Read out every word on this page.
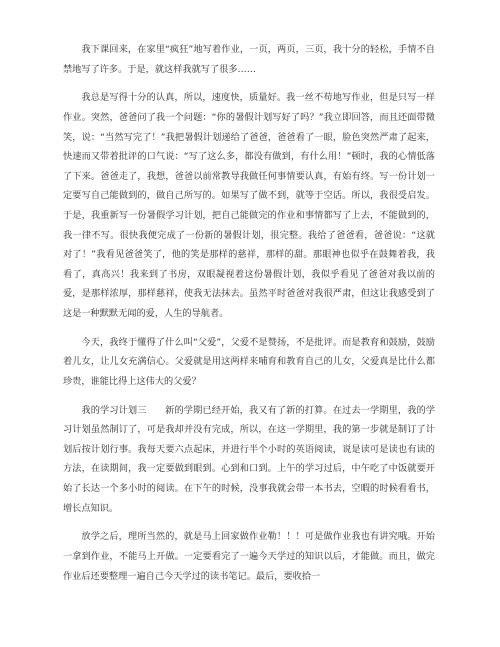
我下课回来，在家里“疯狂”地写着作业，一页，两页，三页，我十分的轻松，手情不自禁地写了许多。于是，就这样我就写了很多……

我总是写得十分的认真，所以，速度快，质量好。我一丝不苟地写作业，但是只写一样作业。突然，爸爸问了我一个问题：“你的暑假计划写好了吗？”我立即回答，而且还面带微笑，说：“当然写完了！”我把暑假计划递给了爸爸，爸爸看了一眼，脸色突然严肃了起来，快速而又带着批评的口气说：“写了这么多，都没有做到，有什么用！”顿时，我的心情低落了下来。爸爸走了，我想，爸爸以前常教导我做任何事情要认真，有始有终。写一份计划一定要写自己能做到的，做自己所写的。如果写了做不到，就等于空话。所以，我很受启发。于是，我重新写一份暑假学习计划，把自己能做完的作业和事情都写了上去，不能做到的，我一律不写。很快我便完成了一份新的暑假计划，很完整。我给了爸爸看，爸爸说：“这就对了！”我看见爸爸笑了，他的笑是那样的慈祥，那样的甜。那眼神也似乎在鼓舞着我，我看了，真高兴！我来到了书房，双眼凝视着这份暑假计划，我似乎看见了爸爸对我以前的爱，是那样浓厚，那样慈祥，使我无法抹去。虽然平时爸爸对我很严肃，但这让我感受到了这是一种默默无闻的爱，人生的导航者。

今天，我终于懂得了什么叫“父爱”，父爱不是赞扬，不是批评。而是教育和鼓励，鼓励着儿女，让儿女充满信心。父爱就是用这两样来哺育和教育自己的儿女，父爱真是比什么都珍贵，谁能比得上这伟大的父爱？

我的学习计划三　　新的学期已经开始，我又有了新的打算。在过去一学期里，我的学习计划虽然制订了，可是我却并没有完成，所以，在这一学期里，我的第一步就是制订了计划后按计划行事。我每天要六点起床，并进行半个小时的英语阅读，说是读可是读也有读的方法，在读期间，我一定要做到眼到。心到和口到。上午的学习过后，中午吃了中饭就要开始了长达一个多小时的阅读。在下午的时候，没事我就会带一本书去，空暇的时候看看书，增长点知识。

放学之后，理所当然的，就是马上回家做作业勒！！！可是做作业我也有讲究哦。开始一拿到作业，不能马上开做。一定要看完了一遍今天学过的知识以后，才能做。而且，做完作业后还要整理一遍自己今天学过的读书笔记。最后，要收拾一
